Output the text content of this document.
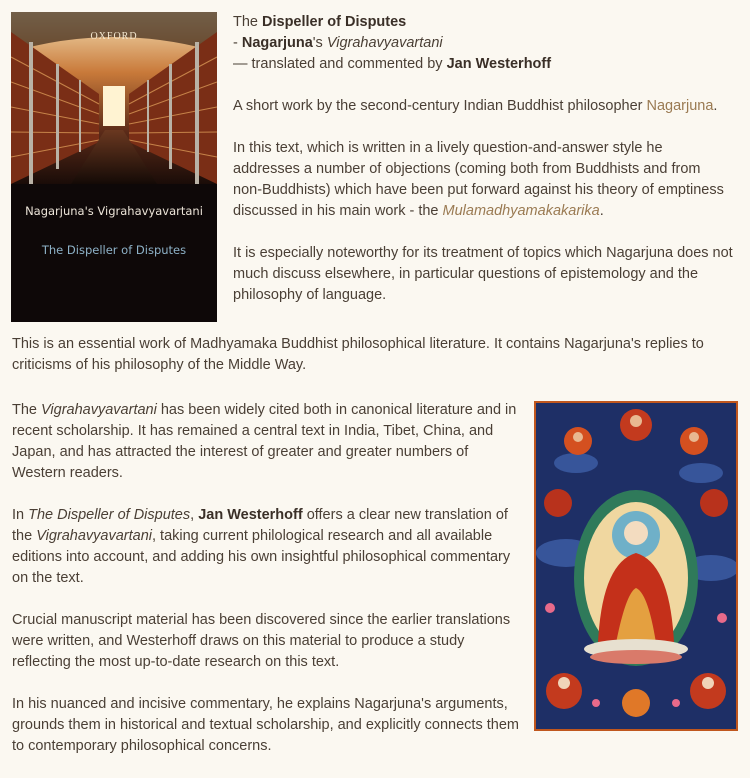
OXFORD
Nagarjuna's Vigrahavyavartani
The Dispeller of Disputes

The Dispeller of Disputes

- Nagarjuna's Vigrahavyavartani

— translated and commented by Jan Westerhoff

A short work by the second-century Indian Buddhist philosopher Nagarjuna.

In this text, which is written in a lively question-and-answer style he addresses a number of objections (coming both from Buddhists and from non-Buddhists) which have been put forward against his theory of emptiness discussed in his main work - the Mulamadhyamakakarika.

It is especially noteworthy for its treatment of topics which Nagarjuna does not much discuss elsewhere, in particular questions of epistemology and the philosophy of language.

This is an essential work of Madhyamaka Buddhist philosophical literature. It contains Nagarjuna's replies to criticisms of his philosophy of the Middle Way.

The Vigrahavyavartani has been widely cited both in canonical literature and in recent scholarship. It has remained a central text in India, Tibet, China, and Japan, and has attracted the interest of greater and greater numbers of Western readers.

In The Dispeller of Disputes, Jan Westerhoff offers a clear new translation of the Vigrahavyavartani, taking current philological research and all available editions into account, and adding his own insightful philosophical commentary on the text.

Crucial manuscript material has been discovered since the earlier translations were written, and Westerhoff draws on this material to produce a study reflecting the most up-to-date research on this text.

In his nuanced and incisive commentary, he explains Nagarjuna's arguments, grounds them in historical and textual scholarship, and explicitly connects them to contemporary philosophical concerns.
